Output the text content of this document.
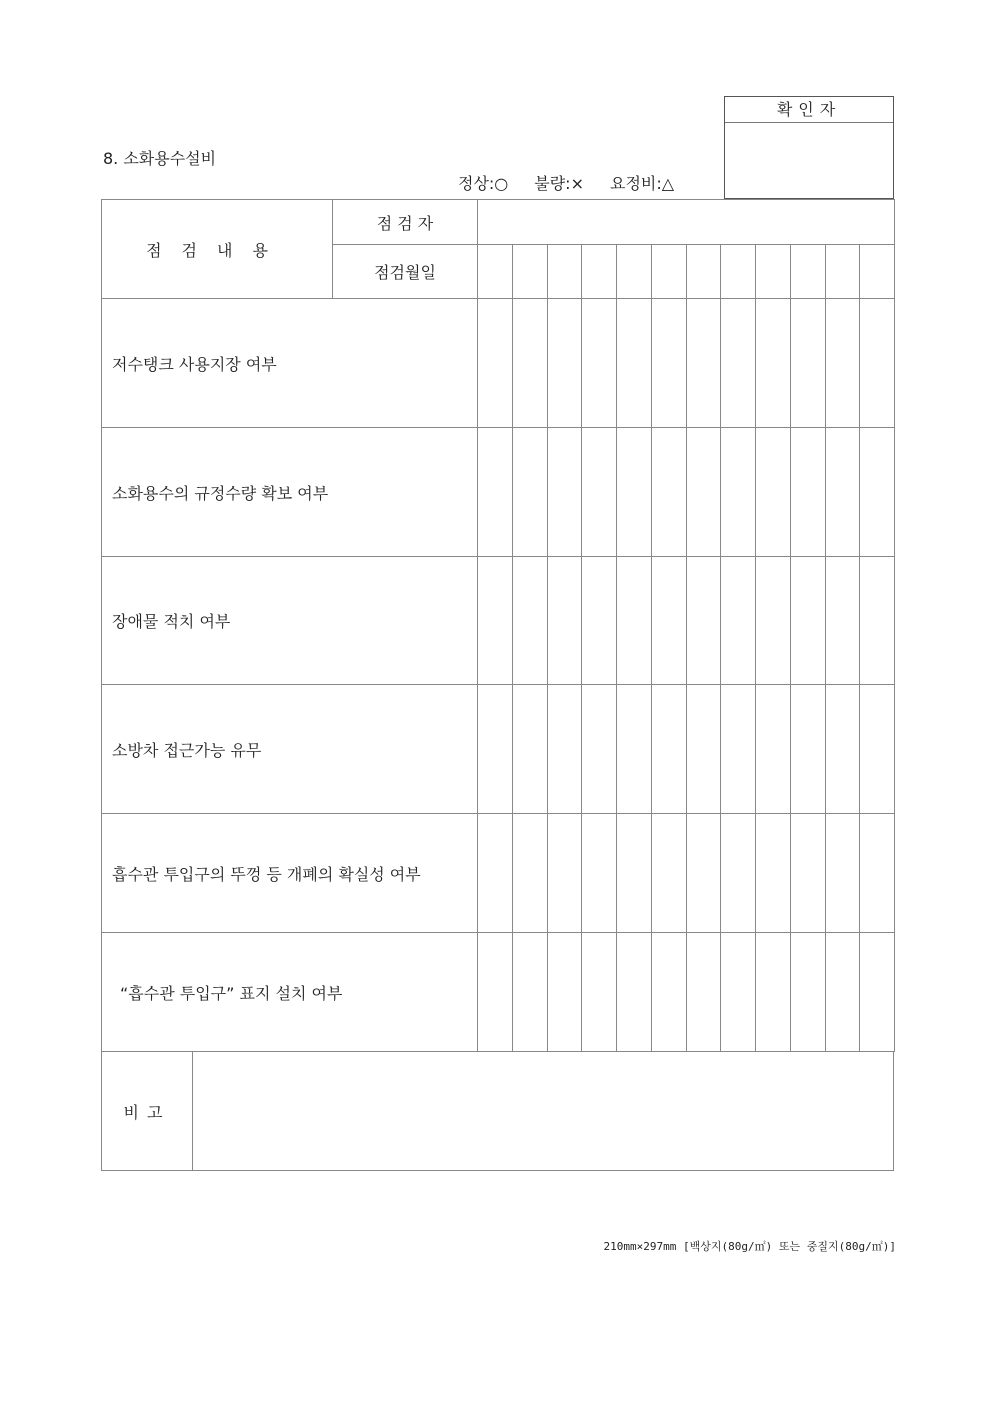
8. 소화용수설비
정상:○ 불량:× 요정비:△
확인자
점검내용	점 검 자												
	점검월일												
저수탱크 사용지장 여부													
소화용수의 규정수량 확보 여부													
장애물 적치 여부													
소방차 접근가능 유무													
흡수관 투입구의 뚜껑 등 개폐의 확실성 여부													
“흡수관 투입구” 표지 설치 여부													
비고	
210mm×297mm [백상지(80g/㎡) 또는 중질지(80g/㎡)]
